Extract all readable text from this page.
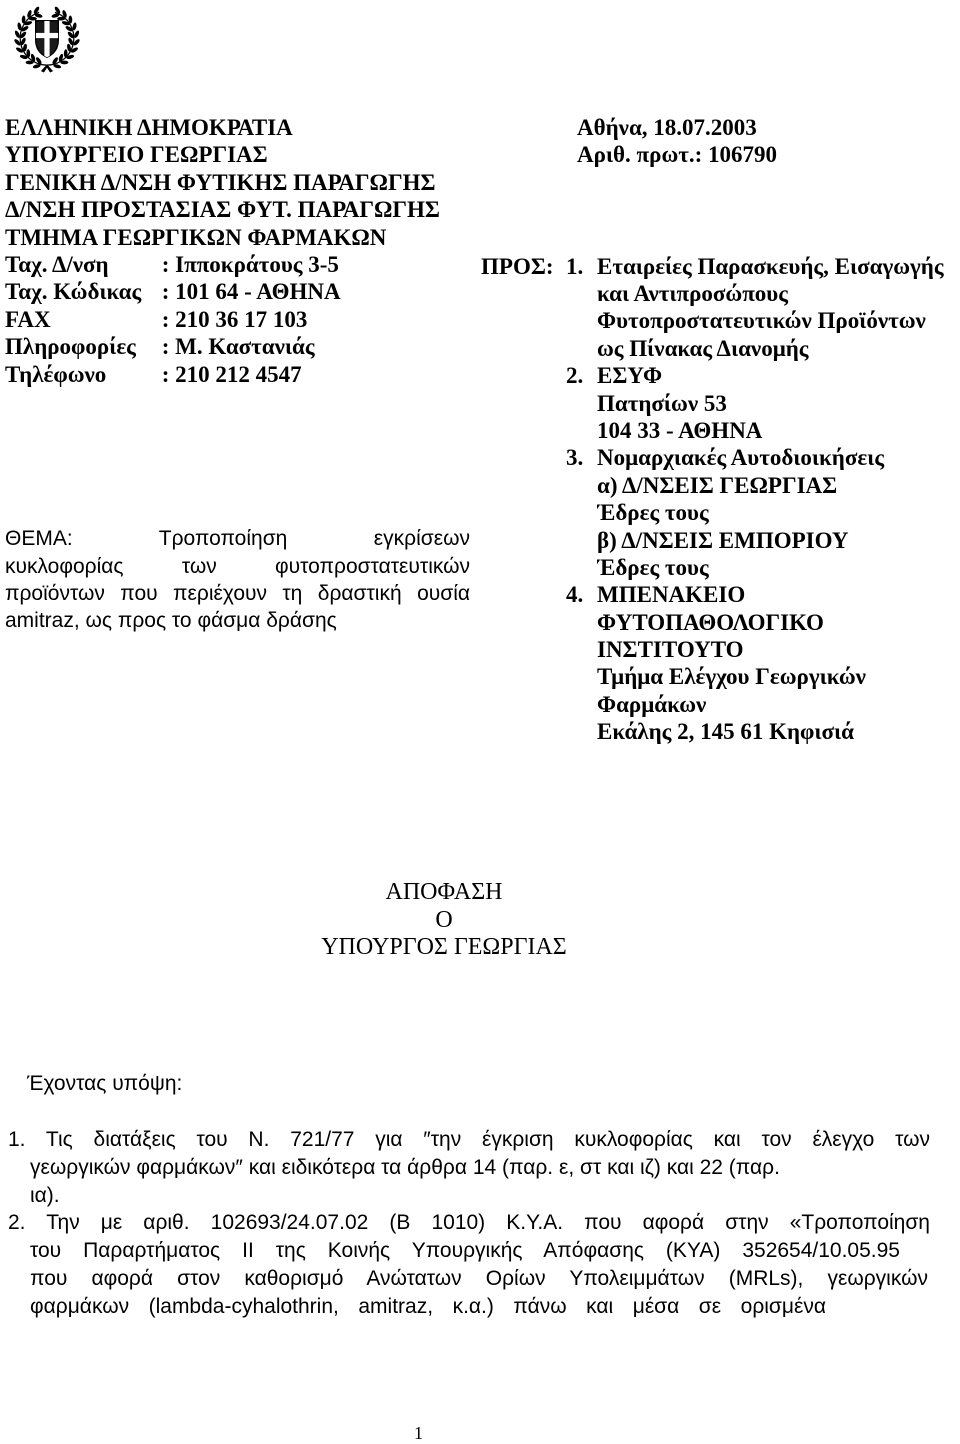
ΕΛΛΗΝΙΚΗ ΔΗΜΟΚΡΑΤΙΑ
ΥΠΟΥΡΓΕΙΟ ΓΕΩΡΓΙΑΣ
ΓΕΝΙΚΗ Δ/ΝΣΗ ΦΥΤΙΚΗΣ ΠΑΡΑΓΩΓΗΣ
Δ/ΝΣΗ ΠΡΟΣΤΑΣΙΑΣ ΦΥΤ. ΠΑΡΑΓΩΓΗΣ
ΤΜΗΜΑ ΓΕΩΡΓΙΚΩΝ ΦΑΡΜΑΚΩΝ
Ταχ. Δ/νση : Ιπποκράτους 3-5
Ταχ. Κώδικας : 101 64 - ΑΘΗΝΑ
FAX	: 210 36 17 103
Πληροφορίες : Μ. Καστανιάς
Τηλέφωνο : 210 212 4547
Αθήνα, 18.07.2003
Αριθ. πρωτ.: 106790
ΠΡΟΣ: 1. Εταιρείες Παρασκευής, Εισαγωγής
και Αντιπροσώπους
Φυτοπροστατευτικών Προϊόντων
ως Πίνακας Διανομής
2. ΕΣΥΦ
Πατησίων 53
104 33 - ΑΘΗΝΑ
3. Νομαρχιακές Αυτοδιοικήσεις
α) Δ/ΝΣΕΙΣ ΓΕΩΡΓΙΑΣ
Έδρες τους
β) Δ/ΝΣΕΙΣ ΕΜΠΟΡΙΟΥ
Έδρες τους
4. ΜΠΕΝΑΚΕΙΟ
ΦΥΤΟΠΑΘΟΛΟΓΙΚΟ
ΙΝΣΤΙΤΟΥΤΟ
Τμήμα Ελέγχου Γεωργικών
Φαρμάκων
Εκάλης 2, 145 61 Κηφισιά
ΘΕΜΑ:	Τροποποίηση εγκρίσεων
κυκλοφορίας των φυτοπροστατευτικών
προϊόντων που περιέχουν τη δραστική ουσία
amitraz, ως προς το φάσμα δράσης
ΑΠΟΦΑΣΗ
Ο
ΥΠΟΥΡΓΟΣ ΓΕΩΡΓΙΑΣ
Έχοντας υπόψη:
1. Τις διατάξεις του Ν. 721/77 για ″την έγκριση κυκλοφορίας και τον έλεγχο των
γεωργικών φαρμάκων″ και ειδικότερα τα άρθρα 14 (παρ. ε, στ και ιζ) και 22 (παρ.
ια).
2. Την με αριθ. 102693/24.07.02 (Β 1010) Κ.Υ.Α. που αφορά στην «Τροποποίηση
του Παραρτήματος ΙΙ της Κοινής Υπουργικής Απόφασης (ΚΥΑ) 352654/10.05.95
που αφορά στον καθορισμό Ανώτατων Ορίων Υπολειμμάτων (MRLs), γεωργικών
φαρμάκων (lambda-cyhalothrin, amitraz, κ.α.) πάνω και μέσα σε ορισμένα
1
